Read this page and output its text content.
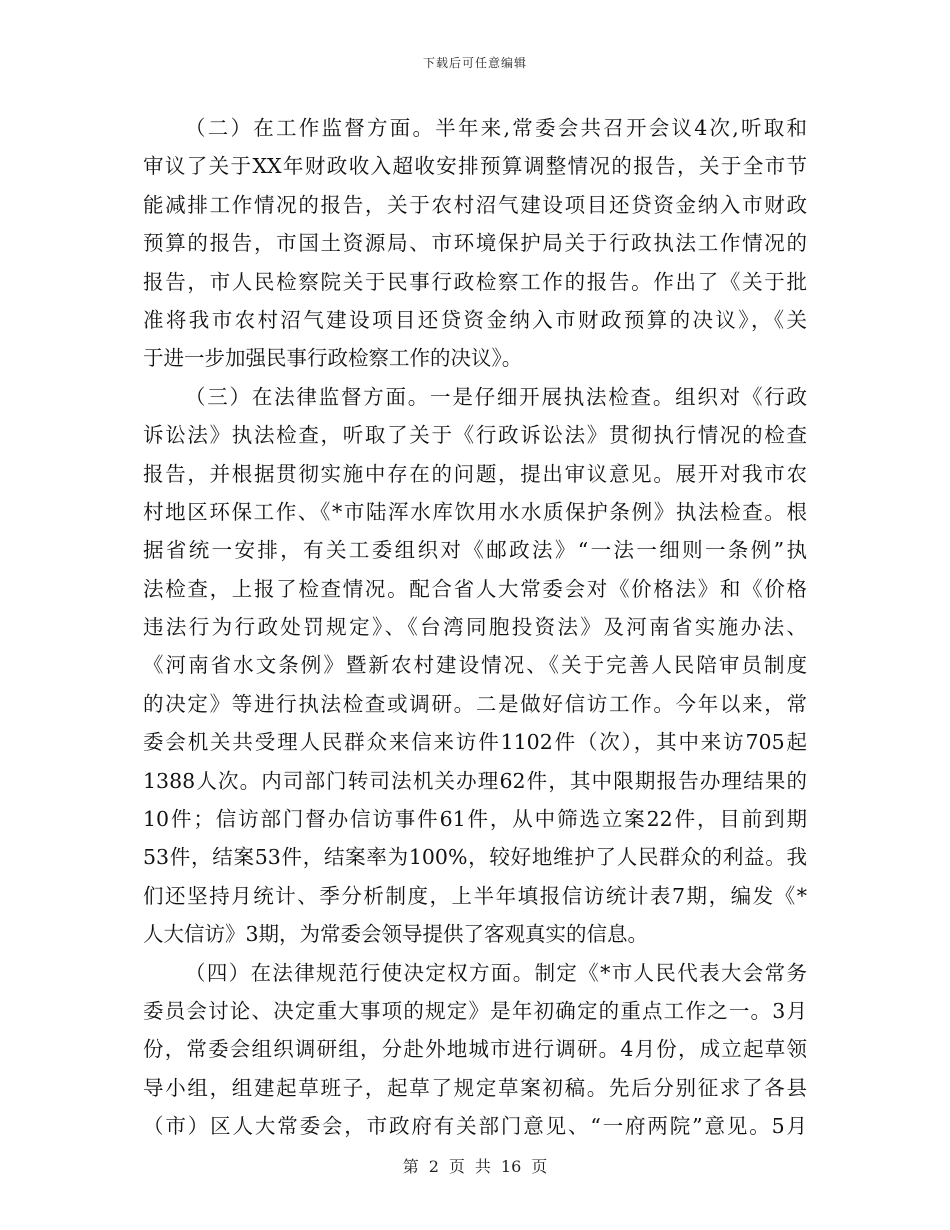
下载后可任意编辑
（二）在工作监督方面。半年来,常委会共召开会议4次,听取和
审议了关于XX年财政收入超收安排预算调整情况的报告，关于全市节
能减排工作情况的报告，关于农村沼气建设项目还贷资金纳入市财政
预算的报告，市国土资源局、市环境保护局关于行政执法工作情况的
报告，市人民检察院关于民事行政检察工作的报告。作出了《关于批
准将我市农村沼气建设项目还贷资金纳入市财政预算的决议》，《关
于进一步加强民事行政检察工作的决议》。
（三）在法律监督方面。一是仔细开展执法检查。组织对《行政
诉讼法》执法检查，听取了关于《行政诉讼法》贯彻执行情况的检查
报告，并根据贯彻实施中存在的问题，提出审议意见。展开对我市农
村地区环保工作、《*市陆浑水库饮用水水质保护条例》执法检查。根
据省统一安排，有关工委组织对《邮政法》“一法一细则一条例”执
法检查，上报了检查情况。配合省人大常委会对《价格法》和《价格
违法行为行政处罚规定》、《台湾同胞投资法》及河南省实施办法、
《河南省水文条例》暨新农村建设情况、《关于完善人民陪审员制度
的决定》等进行执法检查或调研。二是做好信访工作。今年以来，常
委会机关共受理人民群众来信来访件1102件（次），其中来访705起
1388人次。内司部门转司法机关办理62件，其中限期报告办理结果的
10件；信访部门督办信访事件61件，从中筛选立案22件，目前到期
53件，结案53件，结案率为100%，较好地维护了人民群众的利益。我
们还坚持月统计、季分析制度，上半年填报信访统计表7期，编发《*
人大信访》3期，为常委会领导提供了客观真实的信息。
（四）在法律规范行使决定权方面。制定《*市人民代表大会常务
委员会讨论、决定重大事项的规定》是年初确定的重点工作之一。3月
份，常委会组织调研组，分赴外地城市进行调研。4月份，成立起草领
导小组，组建起草班子，起草了规定草案初稿。先后分别征求了各县
（市）区人大常委会，市政府有关部门意见、“一府两院”意见。5月
第 2 页 共 16 页
